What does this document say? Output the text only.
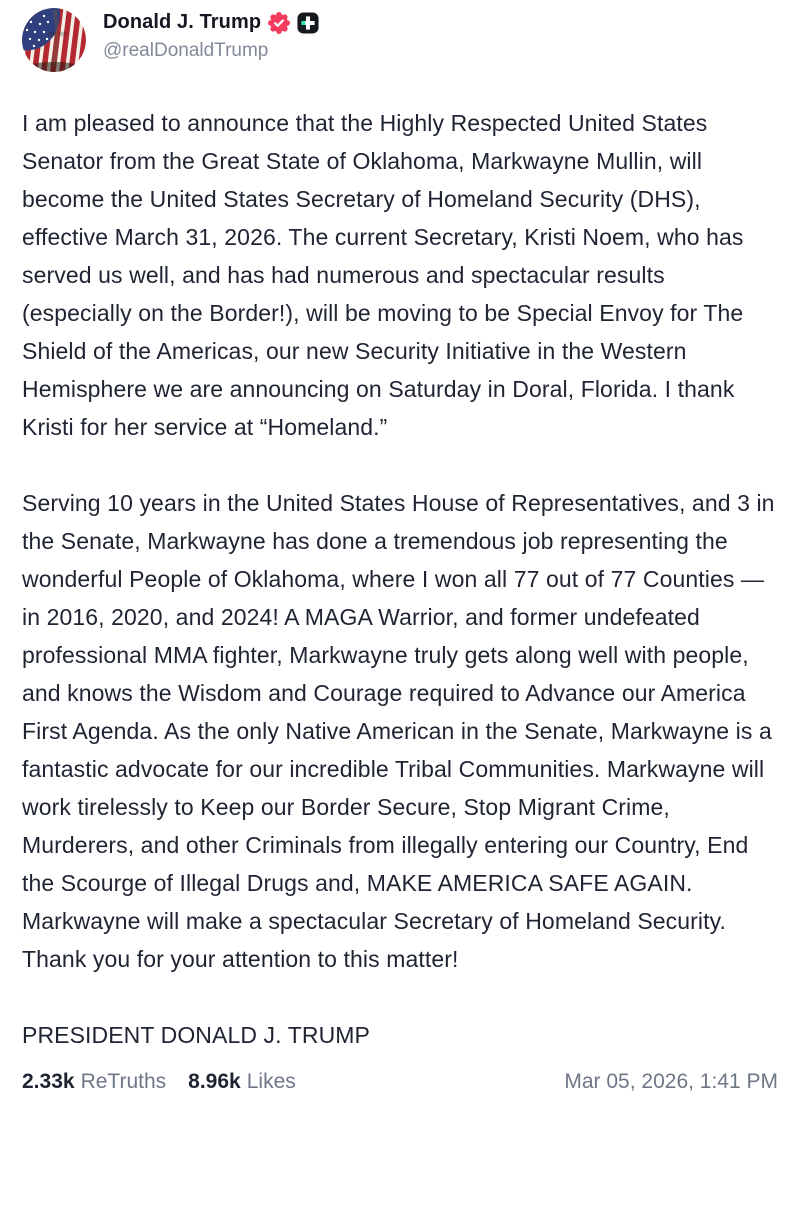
Donald J. Trump
@realDonaldTrump

I am pleased to announce that the Highly Respected United States Senator from the Great State of Oklahoma, Markwayne Mullin, will become the United States Secretary of Homeland Security (DHS), effective March 31, 2026. The current Secretary, Kristi Noem, who has served us well, and has had numerous and spectacular results (especially on the Border!), will be moving to be Special Envoy for The Shield of the Americas, our new Security Initiative in the Western Hemisphere we are announcing on Saturday in Doral, Florida. I thank Kristi for her service at “Homeland.”

Serving 10 years in the United States House of Representatives, and 3 in the Senate, Markwayne has done a tremendous job representing the wonderful People of Oklahoma, where I won all 77 out of 77 Counties — in 2016, 2020, and 2024! A MAGA Warrior, and former undefeated professional MMA fighter, Markwayne truly gets along well with people, and knows the Wisdom and Courage required to Advance our America First Agenda. As the only Native American in the Senate, Markwayne is a fantastic advocate for our incredible Tribal Communities. Markwayne will work tirelessly to Keep our Border Secure, Stop Migrant Crime, Murderers, and other Criminals from illegally entering our Country, End the Scourge of Illegal Drugs and, MAKE AMERICA SAFE AGAIN. Markwayne will make a spectacular Secretary of Homeland Security. Thank you for your attention to this matter!

PRESIDENT DONALD J. TRUMP

2.33k ReTruths 8.96k Likes	Mar 05, 2026, 1:41 PM
